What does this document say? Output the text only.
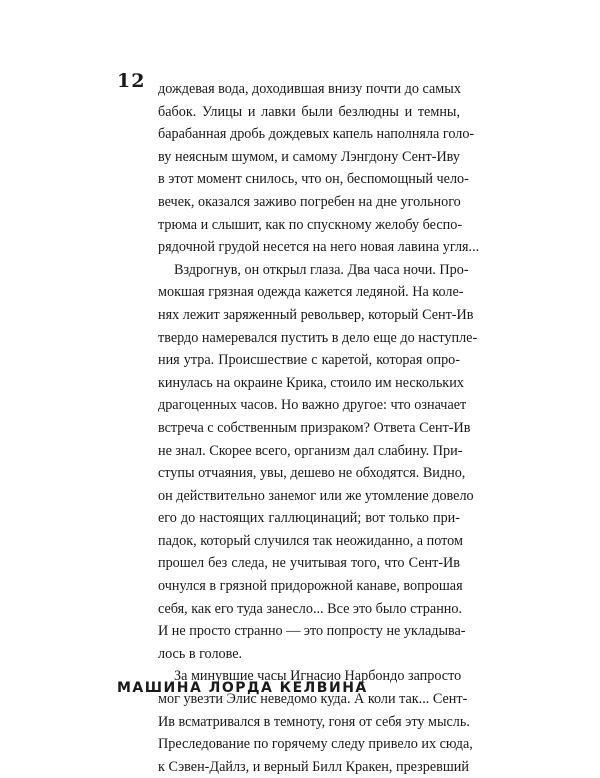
12 дождевая вода, доходившая внизу почти до самых
бабок. Улицы и лавки были безлюдны и темны,
барабанная дробь дождевых капель наполняла голо-
ву неясным шумом, и самому Лэнгдону Сент-Иву
в этот момент снилось, что он, беспомощный чело-
вечек, оказался заживо погребен на дне угольного
трюма и слышит, как по спускному желобу беспо-
рядочной грудой несется на него новая лавина угля...
Вздрогнув, он открыл глаза. Два часа ночи. Про-
мокшая грязная одежда кажется ледяной. На коле-
нях лежит заряженный револьвер, который Сент-Ив
твердо намеревался пустить в дело еще до наступле-
ния утра. Происшествие с каретой, которая опро-
кинулась на окраине Крика, стоило им нескольких
драгоценных часов. Но важно другое: что означает
встреча с собственным призраком? Ответа Сент-Ив
не знал. Скорее всего, организм дал слабину. При-
ступы отчаяния, увы, дешево не обходятся. Видно,
он действительно занемог или же утомление довело
его до настоящих галлюцинаций; вот только при-
падок, который случился так неожиданно, а потом
прошел без следа, не учитывая того, что Сент-Ив
очнулся в грязной придорожной канаве, вопрошая
себя, как его туда занесло... Все это было странно.
И не просто странно — это попросту не укладыва-
лось в голове.
За минувшие часы Игнасио Нарбондо запросто
мог увезти Элис неведомо куда. А коли так... Сент-
Ив всматривался в темноту, гоня от себя эту мысль.
Преследование по горячему следу привело их сюда,
к Сэвен-Дайлз, и верный Билл Кракен, презревший
МАШИНА ЛОРДА КЕЛВИНА
